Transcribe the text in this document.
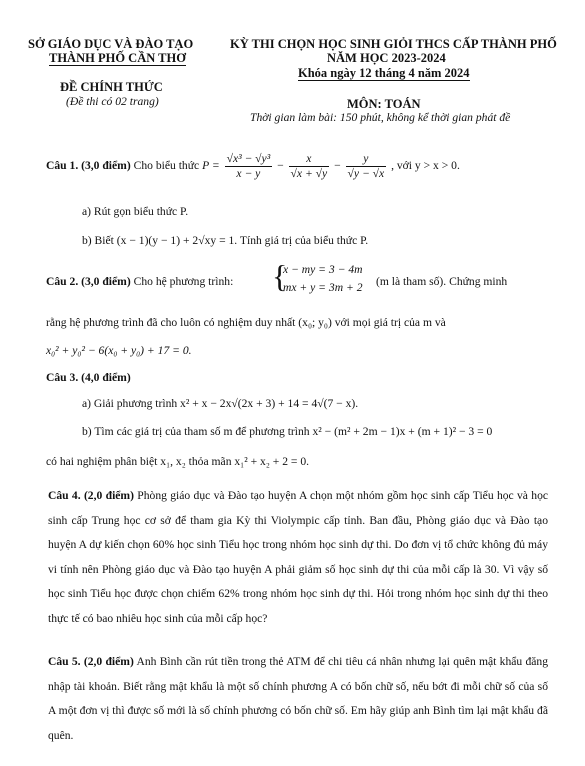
SỞ GIÁO DỤC VÀ ĐÀO TẠO
THÀNH PHỐ CẦN THƠ
KỲ THI CHỌN HỌC SINH GIỎI THCS CẤP THÀNH PHỐ
NĂM HỌC 2023-2024
Khóa ngày 12 tháng 4 năm 2024
ĐỀ CHÍNH THỨC
(Đề thi có 02 trang)	MÔN: TOÁN
Thời gian làm bài: 150 phút, không kể thời gian phát đề
Câu 1. (3,0 điểm) Cho biểu thức $P = \frac{\text{√x³ − √y³}}{x - y} - \frac{x}{√x + √y} - \frac{y}{√y - √x}$ , với y > x > 0.
a) Rút gọn biểu thức P.
b) Biết (x − 1)(y − 1) + 2√xy = 1. Tính giá trị của biểu thức P.
Câu 2. (3,0 điểm) Cho hệ phương trình: {
x − my = 3 − 4m
mx + y = 3m + 2 (m là tham số). Chứng minh
rằng hệ phương trình đã cho luôn có nghiệm duy nhất (x₀; y₀) với mọi giá trị của m và
x₀² + y₀² − 6(x₀ + y₀) + 17 = 0.
Câu 3. (4,0 điểm)
a) Giải phương trình x² + x − 2x√(2x + 3) + 14 = 4√(7 − x).
b) Tìm các giá trị của tham số m để phương trình x² − (m² + 2m − 1)x + (m + 1)² − 3 = 0
có hai nghiệm phân biệt x₁, x₂ thỏa mãn x₁² + x₂ + 2 = 0.
Câu 4. (2,0 điểm) Phòng giáo dục và Đào tạo huyện A chọn một nhóm gồm học sinh cấp Tiểu học và học sinh cấp Trung học cơ sở để tham gia Kỳ thi Violympic cấp tỉnh. Ban đầu, Phòng giáo dục và Đào tạo huyện A dự kiến chọn 60% học sinh Tiểu học trong nhóm học sinh dự thi. Do đơn vị tổ chức không đủ máy vi tính nên Phòng giáo dục và Đào tạo huyện A phải giảm số học sinh dự thi của mỗi cấp là 30. Vì vậy số học sinh Tiểu học được chọn chiếm 62% trong nhóm học sinh dự thi. Hỏi trong nhóm học sinh dự thi theo thực tế có bao nhiêu học sinh của mỗi cấp học?
Câu 5. (2,0 điểm) Anh Bình cần rút tiền trong thẻ ATM để chi tiêu cá nhân nhưng lại quên mật khẩu đăng nhập tài khoản. Biết rằng mật khẩu là một số chính phương A có bốn chữ số, nếu bớt đi mỗi chữ số của số A một đơn vị thì được số mới là số chính phương có bốn chữ số. Em hãy giúp anh Bình tìm lại mật khẩu đã quên.
